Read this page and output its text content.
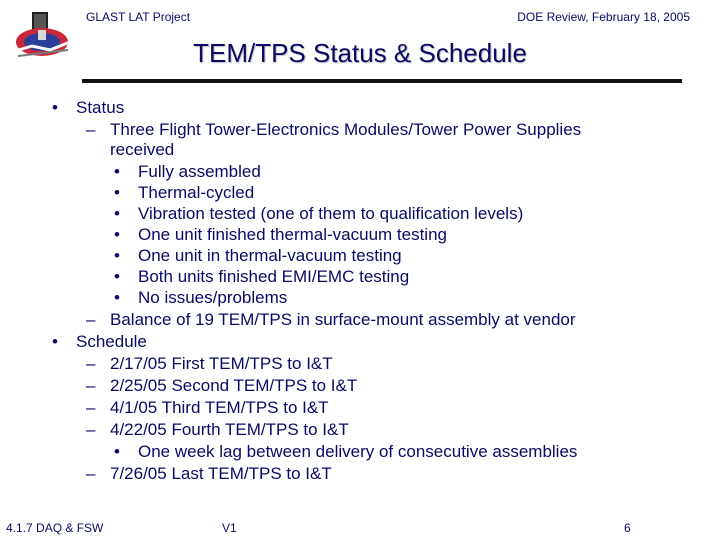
GLAST LAT Project	DOE Review, February 18, 2005
TEM/TPS Status & Schedule
• Status
– Three Flight Tower-Electronics Modules/Tower Power Supplies
received
• Fully assembled
• Thermal-cycled
• Vibration tested (one of them to qualification levels)
• One unit finished thermal-vacuum testing
• One unit in thermal-vacuum testing
• Both units finished EMI/EMC testing
• No issues/problems
– Balance of 19 TEM/TPS in surface-mount assembly at vendor
• Schedule
– 2/17/05 First TEM/TPS to I&T
– 2/25/05 Second TEM/TPS to I&T
– 4/1/05 Third TEM/TPS to I&T
– 4/22/05 Fourth TEM/TPS to I&T
• One week lag between delivery of consecutive assemblies
– 7/26/05 Last TEM/TPS to I&T
4.1.7 DAQ & FSW	V1	6
